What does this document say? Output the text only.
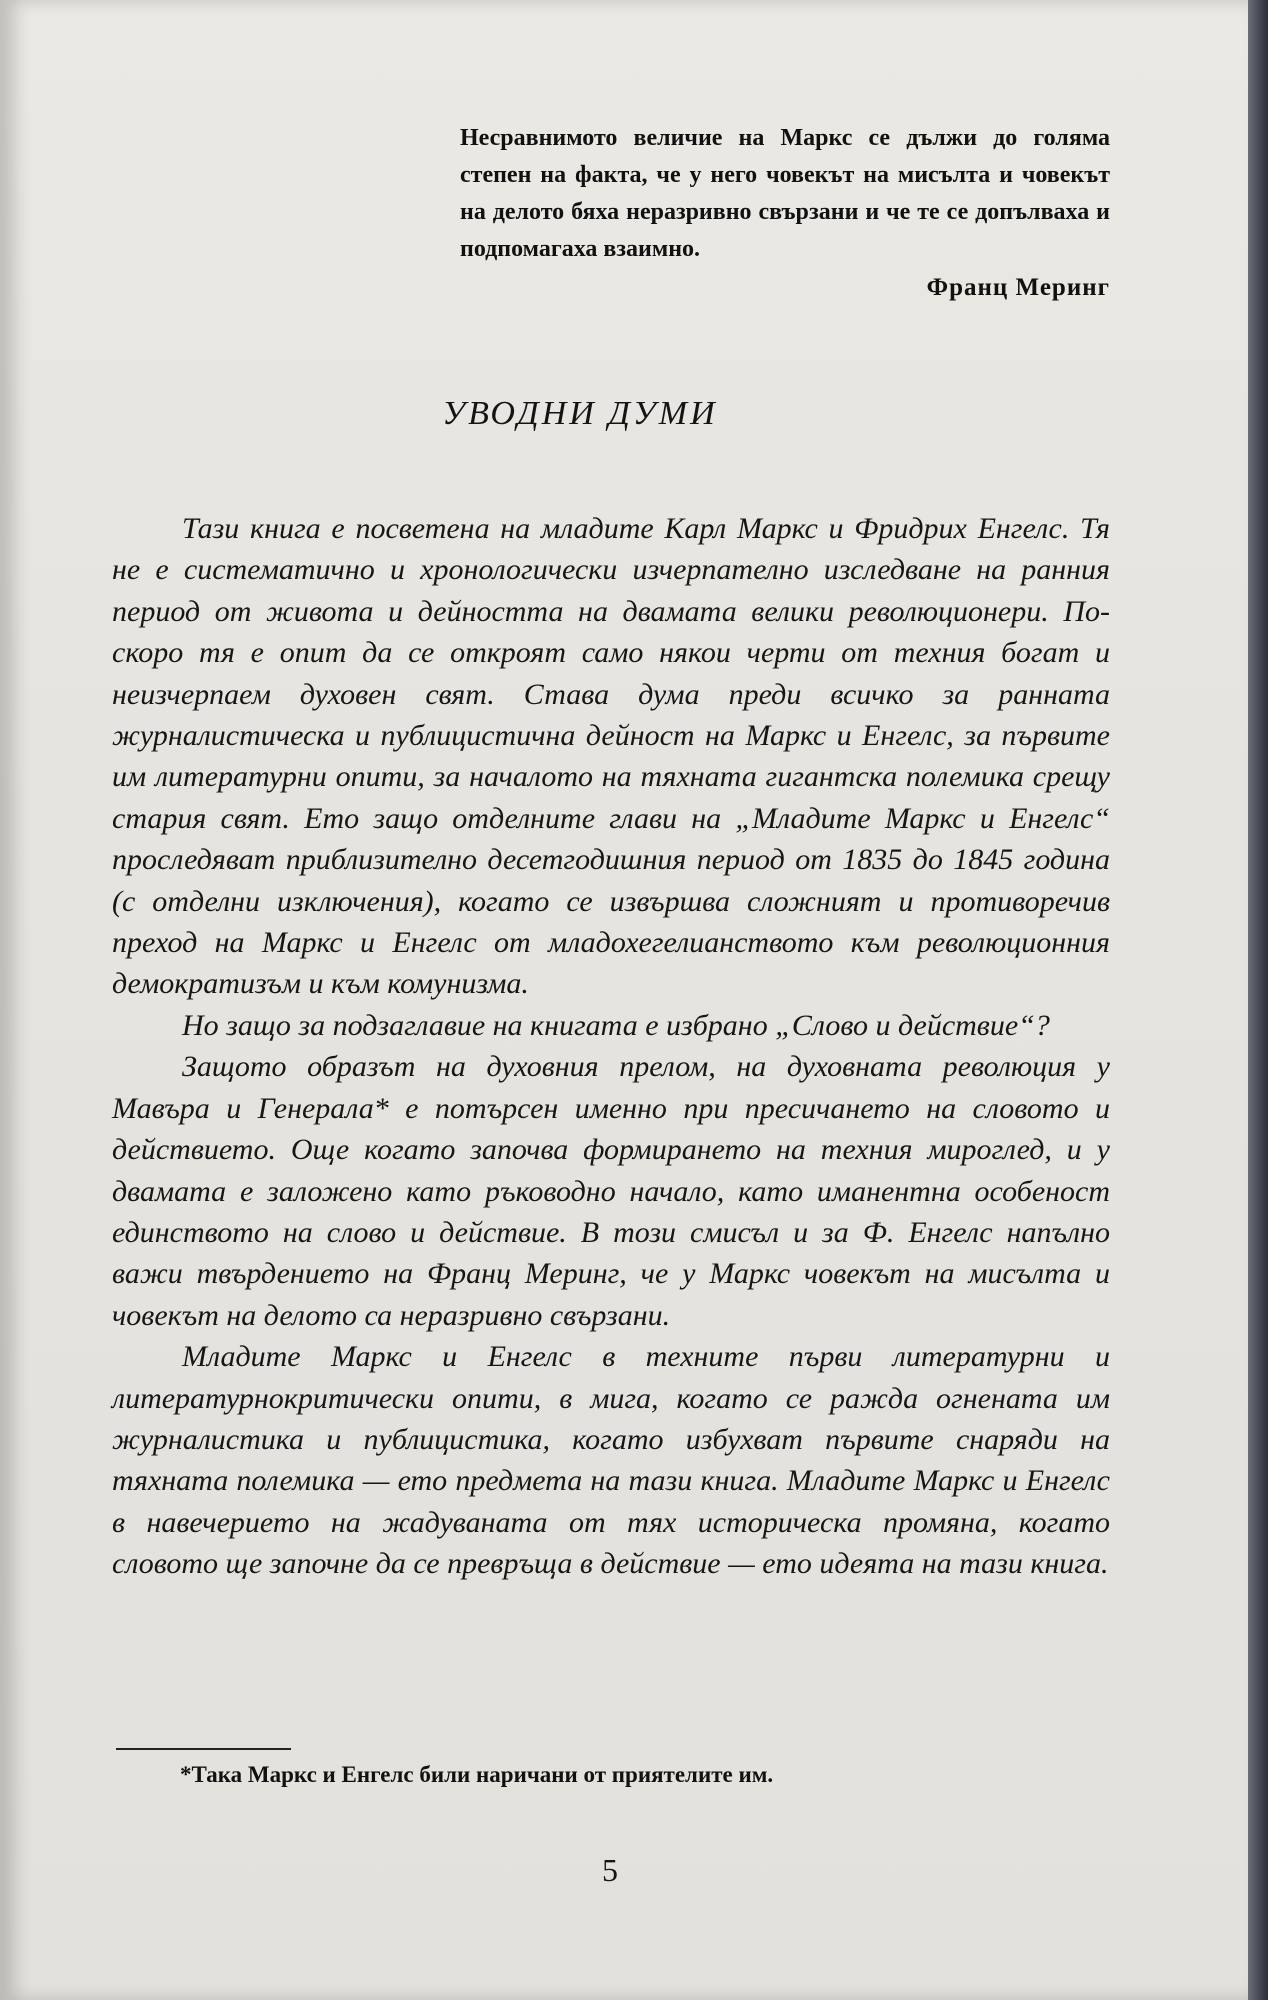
Несравнимото величие на Маркс се дължи до голяма степен на факта, че у него човекът на мисълта и човекът на делото бяха неразривно свързани и че те се допълваха и подпомагаха взаимно.
Франц Меринг
УВОДНИ ДУМИ

Тази книга е посветена на младите Карл Маркс и Фридрих Енгелс. Тя не е систематично и хронологически изчерпателно изследване на ранния период от живота и дейността на двамата велики революционери. По-скоро тя е опит да се откроят само някои черти от техния богат и неизчерпаем духовен свят. Става дума преди всичко за ранната журналистическа и публицистична дейност на Маркс и Енгелс, за първите им литературни опити, за началото на тяхната гигантска полемика срещу стария свят. Ето защо отделните глави на „Младите Маркс и Енгелс“ проследяват приблизително десетгодишния период от 1835 до 1845 година (с отделни изключения), когато се извършва сложният и противоречив преход на Маркс и Енгелс от младохегелианството към революционния демократизъм и към комунизма.

Но защо за подзаглавие на книгата е избрано „Слово и действие“?

Защото образът на духовния прелом, на духовната революция у Мавъра и Генерала* е потърсен именно при пресичането на словото и действието. Още когато започва формирането на техния мироглед, и у двамата е заложено като ръководно начало, като иманентна особеност единството на слово и действие. В този смисъл и за Ф. Енгелс напълно важи твърдението на Франц Меринг, че у Маркс човекът на мисълта и човекът на делото са неразривно свързани.

Младите Маркс и Енгелс в техните първи литературни и литературнокритически опити, в мига, когато се ражда огнената им журналистика и публицистика, когато избухват първите снаряди на тяхната полемика — ето предмета на тази книга. Младите Маркс и Енгелс в навечерието на жадуваната от тях историческа промяна, когато словото ще започне да се превръща в действие — ето идеята на тази книга.

*Така Маркс и Енгелс били наричани от приятелите им.
5
